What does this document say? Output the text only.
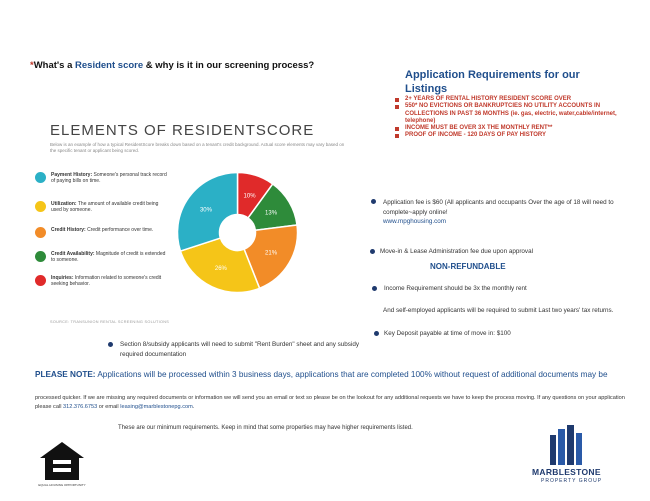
*What's a Resident score & why is it in our screening process?
ELEMENTS OF RESIDENTSCORE
Below is an example of how a typical ResidentScore breaks down based on a tenant's credit background. Actual score elements may vary based on the specific tenant or applicant being scored.
Payment History: Someone's personal track record of paying bills on time.
Utilization: The amount of available credit being used by someone.
Credit History: Credit performance over time.
Credit Availability: Magnitude of credit is extended to someone.
Inquiries: Information related to someone's credit seeking behavior.
10%
13%
21%
26%
30%
SOURCE: TRANSUNION RENTAL SCREENING SOLUTIONS
Application Requirements for our Listings
2+ YEARS OF RENTAL HISTORY RESIDENT SCORE OVER
550* NO EVICTIONS OR BANKRUPTCIES NO UTILITY ACCOUNTS IN COLLECTIONS IN PAST 36 MONTHS (ie. gas, electric, water,cable/internet, telephone)
INCOME MUST BE OVER 3X THE MONTHLY RENT**
PROOF OF INCOME - 120 DAYS OF PAY HISTORY
Application fee is $60 (All applicants and occupants Over the age of 18 will need to complete~apply online!
www.mpghousing.com
Move-in & Lease Administration fee due upon approval
NON-REFUNDABLE
Income Requirement should be 3x the monthly rent
And self-employed applicants will be required to submit Last two years' tax returns.
Key Deposit payable at time of move in: $100
Section 8/subsidy applicants will need to submit "Rent Burden" sheet and any subsidy required documentation
PLEASE NOTE: Applications will be processed within 3 business days, applications that are completed 100% without request of additional documents may be
processed quicker. If we are missing any required documents or information we will send you an email or text so please be on the lookout for any additional requests we have to keep the process moving. If any questions on your application please call 312.376.6753 or email leasing@marblestonepg.com.
These are our minimum requirements. Keep in mind that some properties may have higher requirements listed.
EQUAL HOUSING OPPORTUNITY
MARBLESTONE
PROPERTY GROUP
